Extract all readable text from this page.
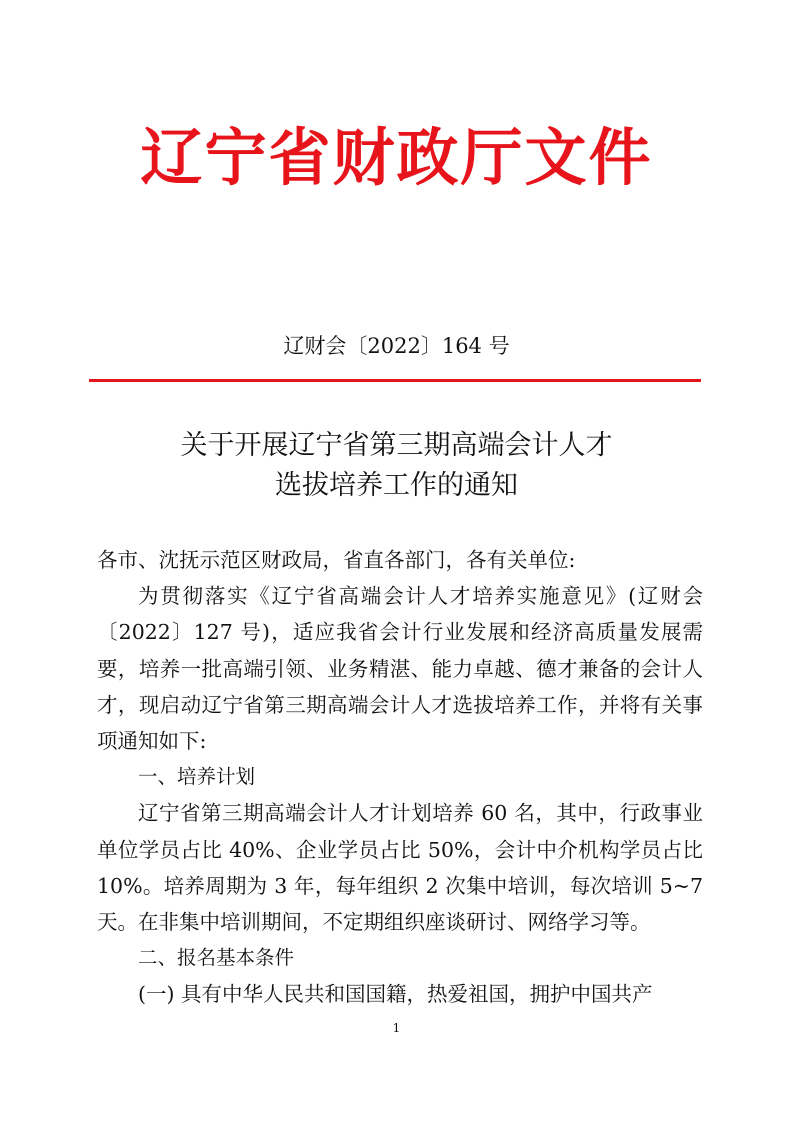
辽宁省财政厅文件

辽财会〔2022〕164 号

关于开展辽宁省第三期高端会计人才
选拔培养工作的通知

各市、沈抚示范区财政局，省直各部门，各有关单位:

为贯彻落实《辽宁省高端会计人才培养实施意见》(辽财会〔2022〕127 号)，适应我省会计行业发展和经济高质量发展需要，培养一批高端引领、业务精湛、能力卓越、德才兼备的会计人才，现启动辽宁省第三期高端会计人才选拔培养工作，并将有关事项通知如下:

一、培养计划

辽宁省第三期高端会计人才计划培养 60 名，其中，行政事业单位学员占比 40%、企业学员占比 50%，会计中介机构学员占比 10%。培养周期为 3 年，每年组织 2 次集中培训，每次培训 5~7 天。在非集中培训期间，不定期组织座谈研讨、网络学习等。

二、报名基本条件

(一) 具有中华人民共和国国籍，热爱祖国，拥护中国共产

1
